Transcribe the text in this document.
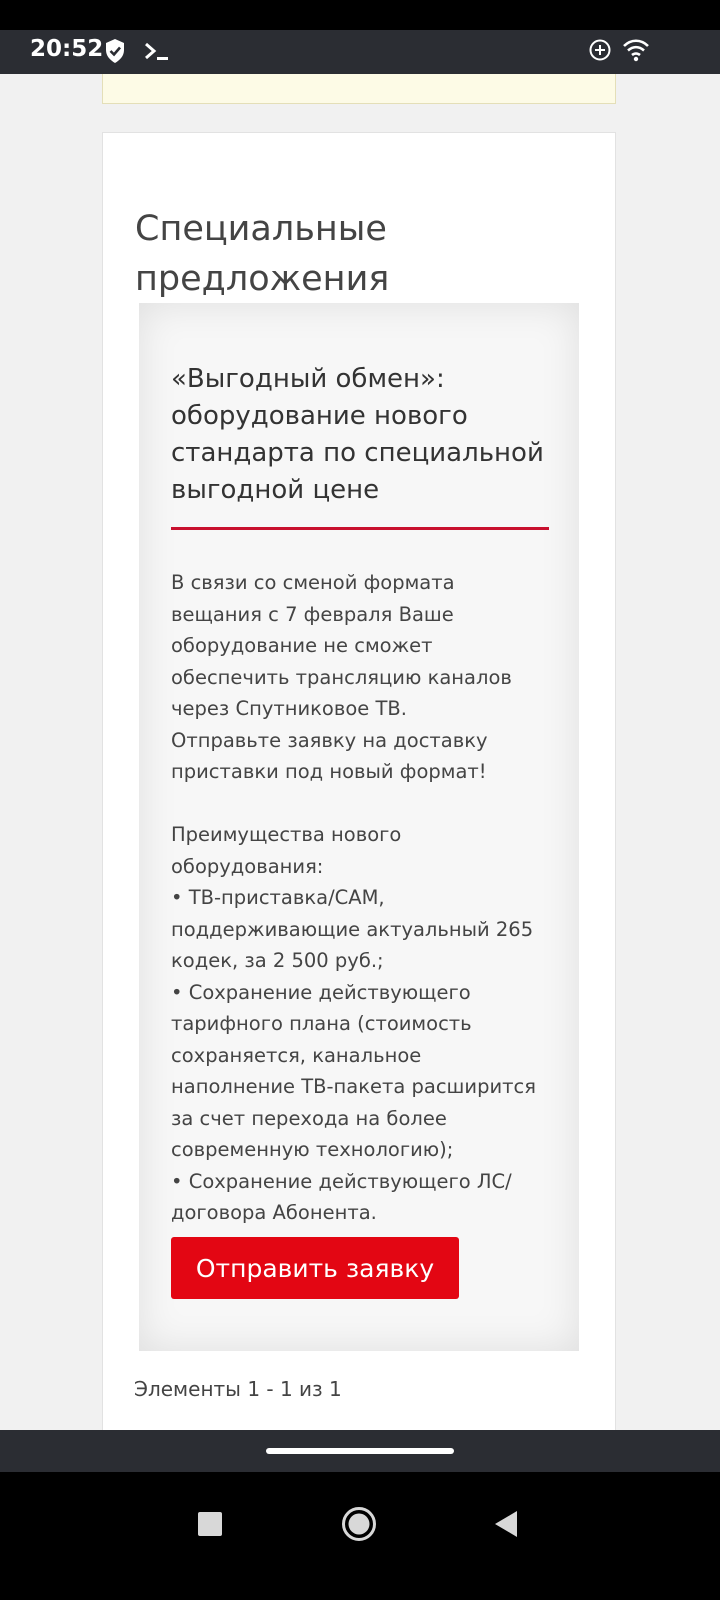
20:52
Специальные предложения
«Выгодный обмен»: оборудование нового стандарта по специальной выгодной цене
В связи со сменой формата вещания с 7 февраля Ваше оборудование не сможет обеспечить трансляцию каналов через Спутниковое ТВ.
Отправьте заявку на доставку приставки под новый формат!

Преимущества нового оборудования:
• ТВ-приставка/САМ, поддерживающие актуальный 265 кодек, за 2 500 руб.;
• Сохранение действующего тарифного плана (стоимость сохраняется, канальное наполнение ТВ-пакета расширится за счет перехода на более современную технологию);
• Сохранение действующего ЛС/договора Абонента.
Отправить заявку
Элементы 1 - 1 из 1
